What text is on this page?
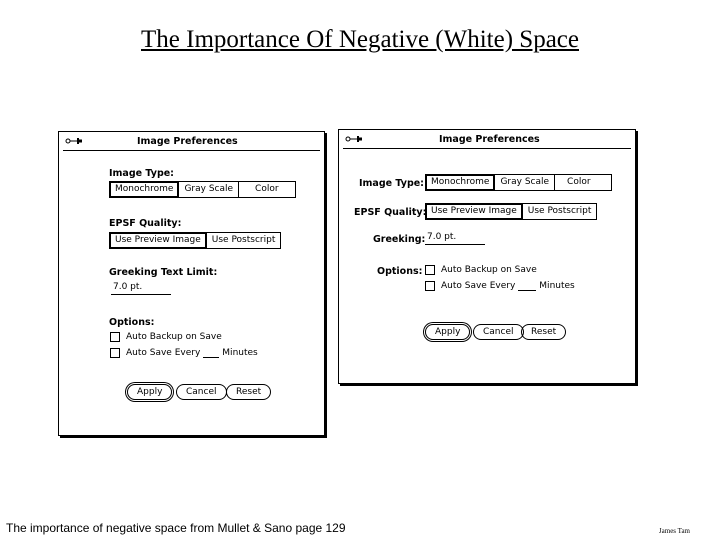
The Importance Of Negative (White) Space
Image Preferences
Image Type:
Monochrome	Gray Scale	Color
EPSF Quality:
Use Preview Image	Use Postscript
Greeking Text Limit:
7.0 pt.
Options:
Auto Backup on Save
Auto Save Every Minutes
Apply	Cancel	Reset
Image Preferences
Image Type: Monochrome	Gray Scale	Color
EPSF Quality: Use Preview Image	Use Postscript
Greeking: 7.0 pt.
Options: Auto Backup on Save
Auto Save Every	Minutes
Apply	Cancel	Reset
The importance of negative space from Mullet & Sano page 129	James Tam
